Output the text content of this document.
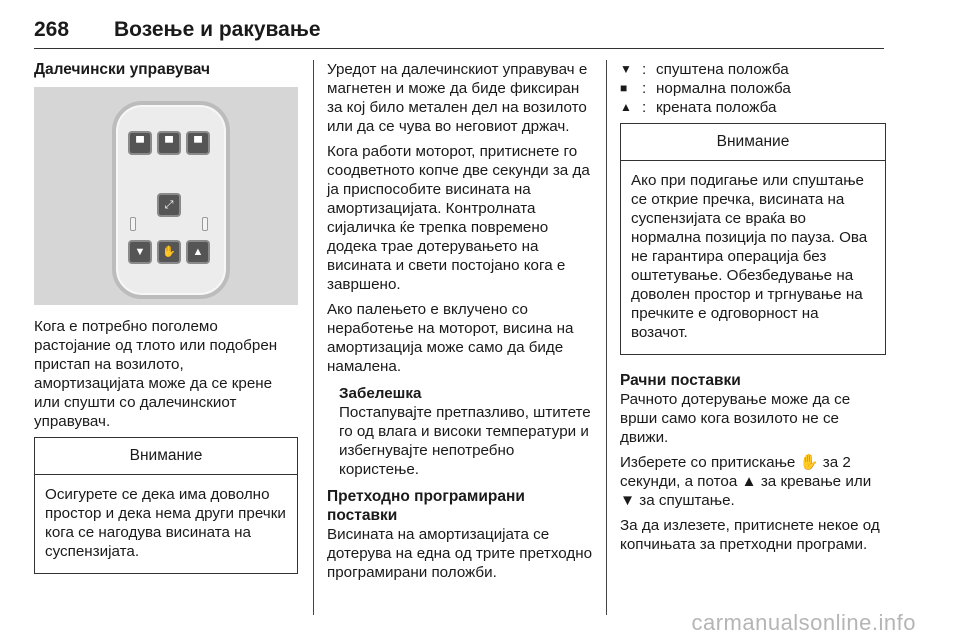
268 Возење и ракување
Далечински управувач
▀	▀	▀
⤢
▼	✋	▲

Кога е потребно поголемо растојание од тлото или подобрен пристап на возилото, амортизацијата може да се крене или спушти со далечинскиот управувач.

Внимание
Осигурете се дека има доволно простор и дека нема други пречки кога се нагодува висината на суспензијата.

Уредот на далечинскиот управувач е магнетен и може да биде фиксиран за кој било метален дел на возилото или да се чува во неговиот држач.

Кога работи моторот, притиснете го соодветното копче две секунди за да ја приспособите висината на амортизацијата. Контролната сијаличка ќе трепка повремено додека трае дотерувањето на висината и свети постојано кога е завршено.

Ако палењето е вклучено со неработење на моторот, висина на амортизација може само да биде намалена.

Забелешка
Постапувајте претпазливо, штитете го од влага и високи температури и избегнувајте непотребно користење.
Претходно програмирани поставки

Висината на амортизацијата се дотерува на една од трите претходно програмирани положби.

▼ : спуштена положба
■ : нормална положба
▲ : кренатa положба
Внимание
Ако при подигање или спуштање се открие пречка, висината на суспензијата се враќа во нормална позиција по пауза. Ова не гарантира операција без оштетување. Обезбедување на доволен простор и тргнување на пречките е одговорност на возачот.
Рачни поставки

Рачното дотерување може да се врши само кога возилото не се движи.

Изберете со притискање ✋ за 2 секунди, а потоа ▲ за кревање или ▼ за спуштање.

За да излезете, притиснете некое од копчињата за претходни програми.

carmanualsonline.info
